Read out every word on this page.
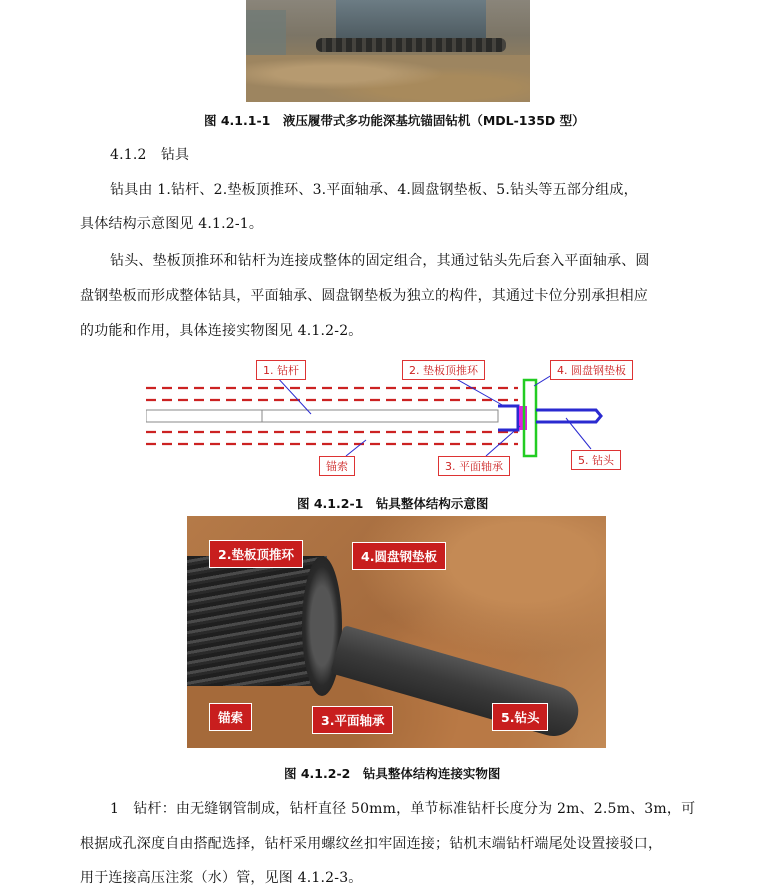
图 4.1.1-1　液压履带式多功能深基坑锚固钻机（MDL-135D 型）
4.1.2　钻具
钻具由 1.钻杆、2.垫板顶推环、3.平面轴承、4.圆盘钢垫板、5.钻头等五部分组成，
具体结构示意图见 4.1.2-1。
钻头、垫板顶推环和钻杆为连接成整体的固定组合，其通过钻头先后套入平面轴承、圆
盘钢垫板而形成整体钻具，平面轴承、圆盘钢垫板为独立的构件，其通过卡位分别承担相应
的功能和作用，具体连接实物图见 4.1.2-2。
1. 钻杆	2. 垫板顶推环	4. 圆盘钢垫板
锚索	3. 平面轴承	5. 钻头
图 4.1.2-1　钻具整体结构示意图
2.垫板顶推环	4.圆盘钢垫板
锚索	3.平面轴承	5.钻头
图 4.1.2-2　钻具整体结构连接实物图
1　钻杆：由无缝钢管制成，钻杆直径 50mm，单节标准钻杆长度分为 2m、2.5m、3m，可
根据成孔深度自由搭配选择，钻杆采用螺纹丝扣牢固连接；钻机末端钻杆端尾处设置接驳口，
用于连接高压注浆（水）管，见图 4.1.2-3。
